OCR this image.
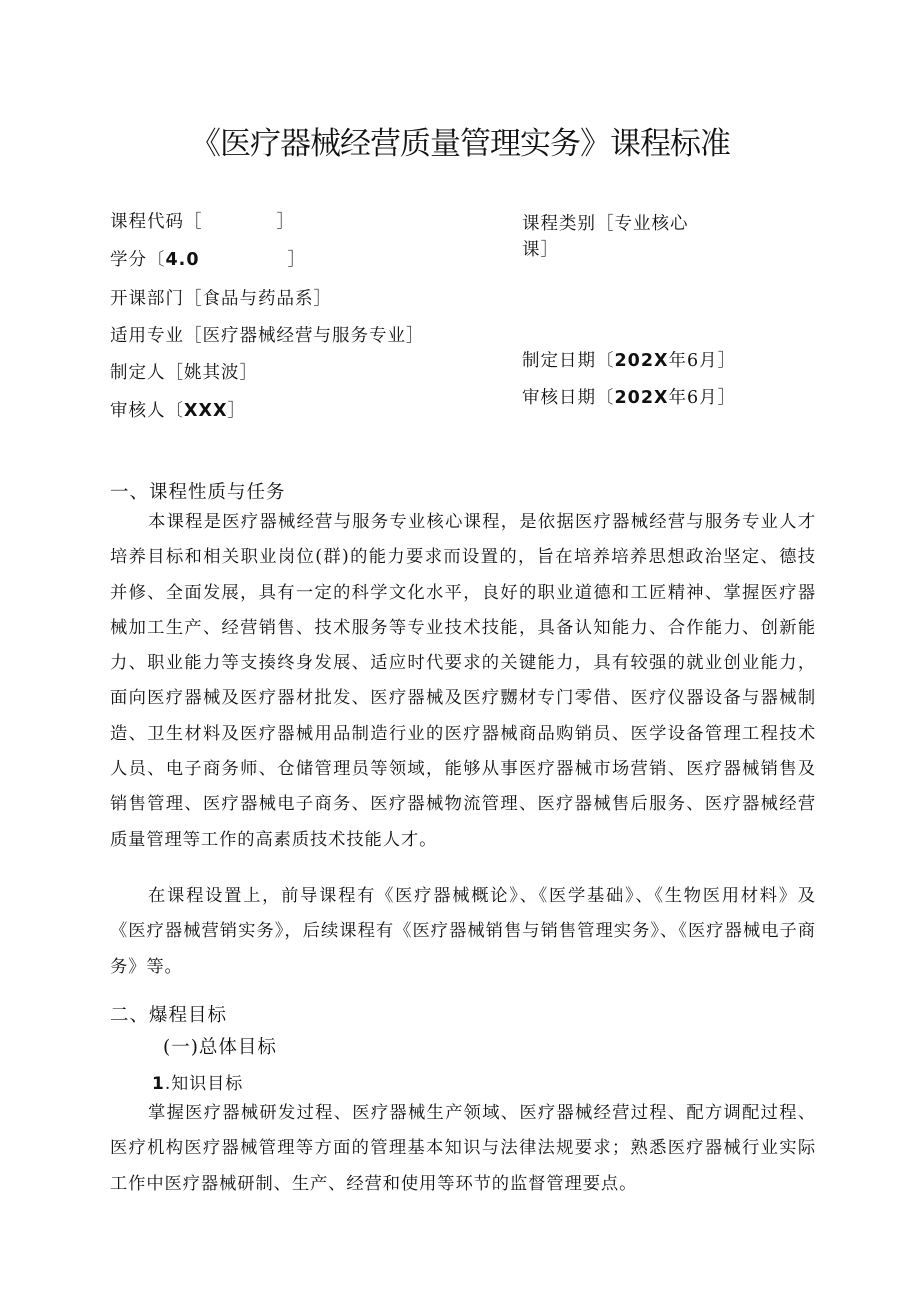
《医疗器械经营质量管理实务》课程标准
课程代码［　　　　］
学分〔4.0	］
开课部门［食品与药品系］
适用专业［医疗器械经营与服务专业］
制定人［姚其波］
审核人〔XXX］
课程类别［专业核心
课］
制定日期〔202X年6月］
审核日期〔202X年6月］
一、课程性质与任务

本课程是医疗器械经营与服务专业核心课程，是依据医疗器械经营与服务专业人才培养目标和相关职业岗位(群)的能力要求而设置的，旨在培养培养思想政治坚定、德技并修、全面发展，具有一定的科学文化水平，良好的职业道德和工匠精神、掌握医疗器械加工生产、经营销售、技术服务等专业技术技能，具备认知能力、合作能力、创新能力、职业能力等支揍终身发展、适应时代要求的关键能力，具有较强的就业创业能力，面向医疗器械及医疗器材批发、医疗器械及医疗嬲材专门零借、医疗仪器设备与器械制造、卫生材料及医疗器械用品制造行业的医疗器械商品购销员、医学设备管理工程技术人员、电子商务师、仓储管理员等领域，能够从事医疗器械市场营销、医疗器械销售及销售管理、医疗器械电子商务、医疗器械物流管理、医疗器械售后服务、医疗器械经营质量管理等工作的高素质技术技能人才。

在课程设置上，前导课程有《医疗器械概论》、《医学基础》、《生物医用材料》及《医疗器械营销实务》，后续课程有《医疗器械销售与销售管理实务》、《医疗器械电子商务》等。

二、爆程目标
(一)总体目标
1.知识目标

掌握医疗器械研发过程、医疗器械生产领域、医疗器械经营过程、配方调配过程、医疗机构医疗器械管理等方面的管理基本知识与法律法规要求；熟悉医疗器械行业实际工作中医疗器械研制、生产、经营和使用等环节的监督管理要点。
